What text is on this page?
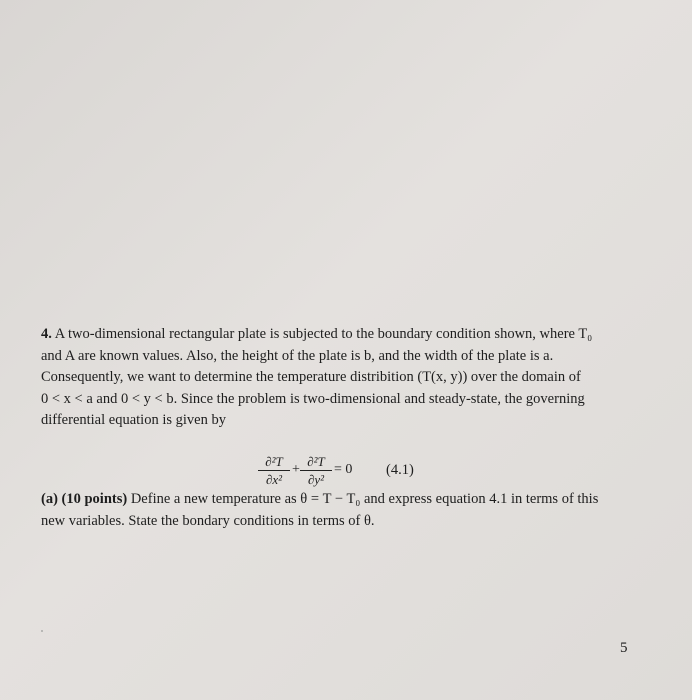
4. A two-dimensional rectangular plate is subjected to the boundary condition shown, where T₀
and A are known values. Also, the height of the plate is b, and the width of the plate is a.
Consequently, we want to determine the temperature distribition (T(x, y)) over the domain of
0 < x < a and 0 < y < b. Since the problem is two-dimensional and steady-state, the governing
differential equation is given by
$\frac{\text{∂²T}}{\text{∂x²}} + \frac{\text{∂²T}}{\text{∂y²}} = 0$ (4.1)
(a) (10 points) Define a new temperature as θ = T − T₀ and express equation 4.1 in terms of this
new variables. State the bondary conditions in terms of θ.
5
